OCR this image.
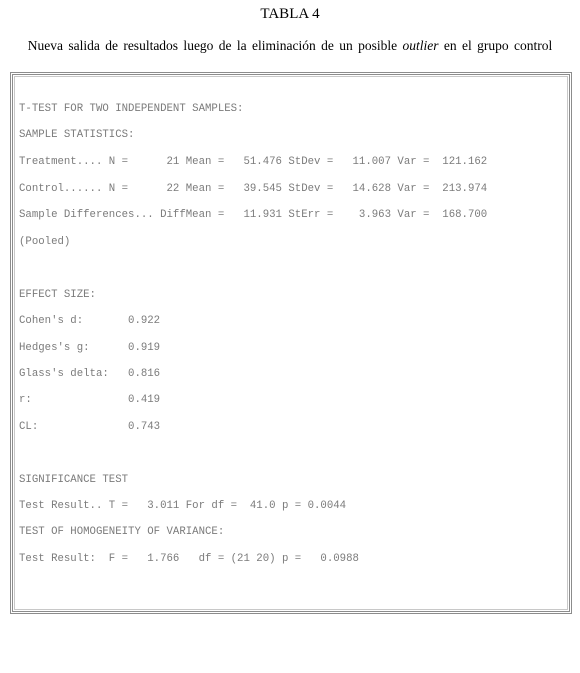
TABLA 4
Nueva salida de resultados luego de la eliminación de un posible outlier en el grupo control
T-TEST FOR TWO INDEPENDENT SAMPLES:
SAMPLE STATISTICS:
Treatment.... N =      21 Mean =   51.476 StDev =   11.007 Var =  121.162
Control...... N =      22 Mean =   39.545 StDev =   14.628 Var =  213.974
Sample Differences... DiffMean =   11.931 StErr =    3.963 Var =  168.700
(Pooled)
EFFECT SIZE:
Cohen's d:       0.922
Hedges's g:      0.919
Glass's delta:   0.816
r:               0.419
CL:              0.743
SIGNIFICANCE TEST
Test Result.. T =   3.011 For df =  41.0 p = 0.0044
TEST OF HOMOGENEITY OF VARIANCE:
Test Result:  F =   1.766   df = (21 20) p =   0.0988
